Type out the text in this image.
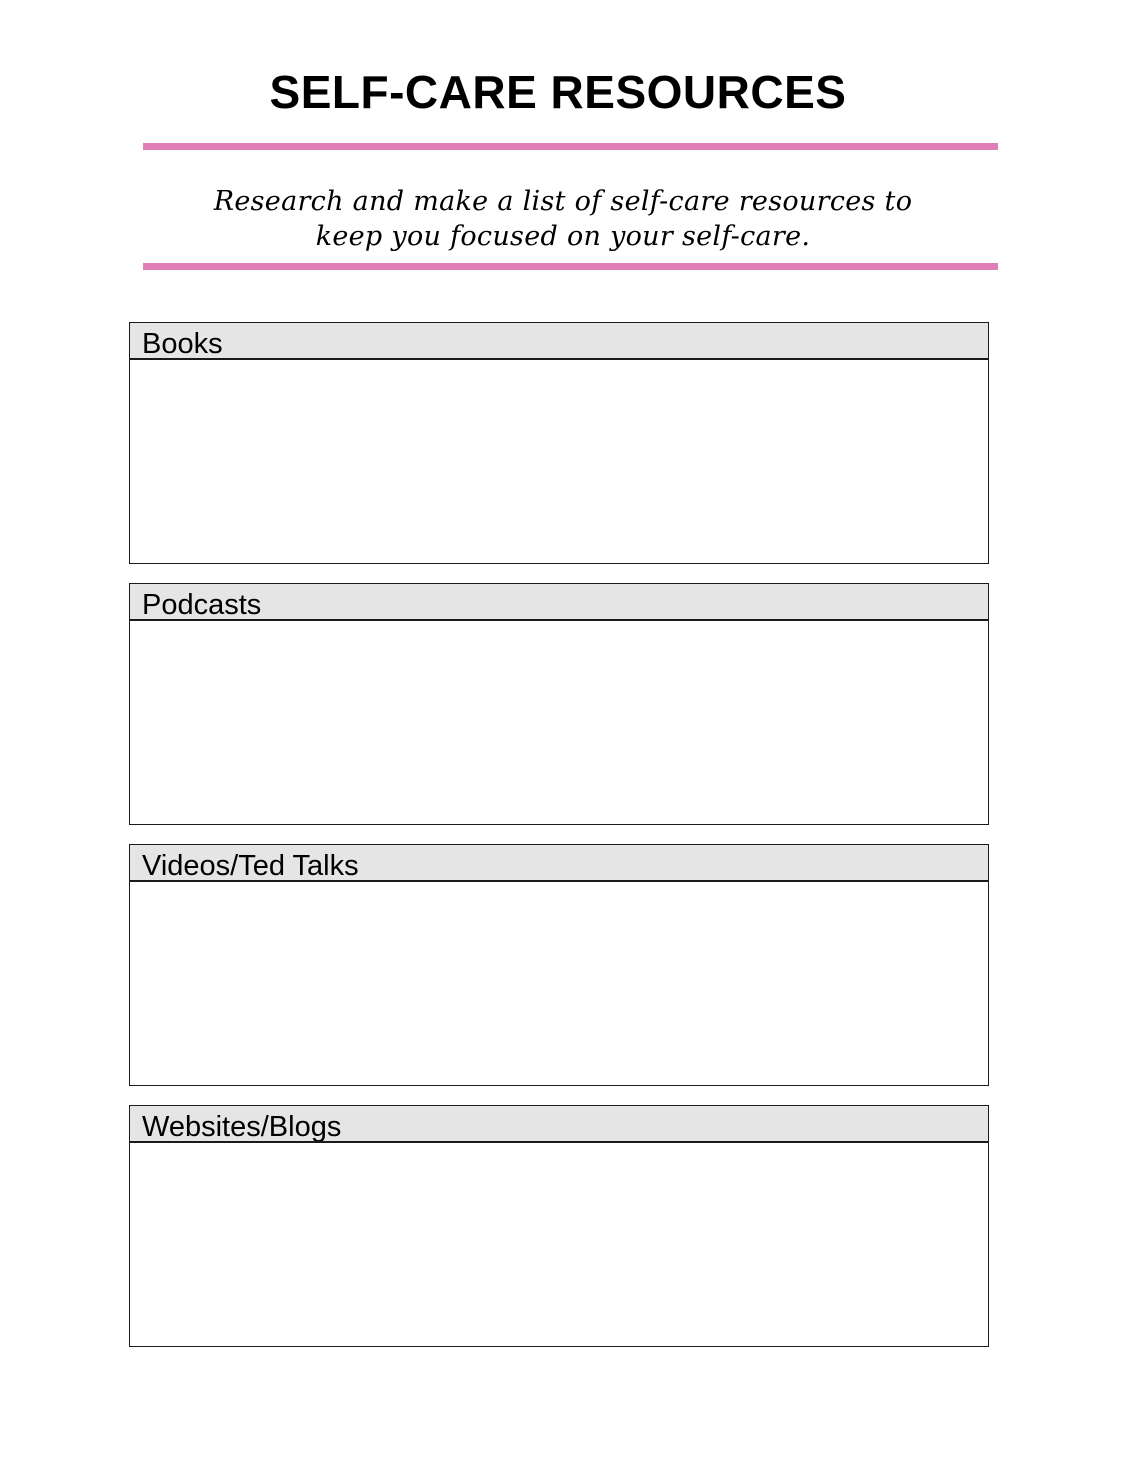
SELF-CARE RESOURCES

Research and make a list of self-care resources to
keep you focused on your self-care.

Books
Podcasts
Videos/Ted Talks
Websites/Blogs
